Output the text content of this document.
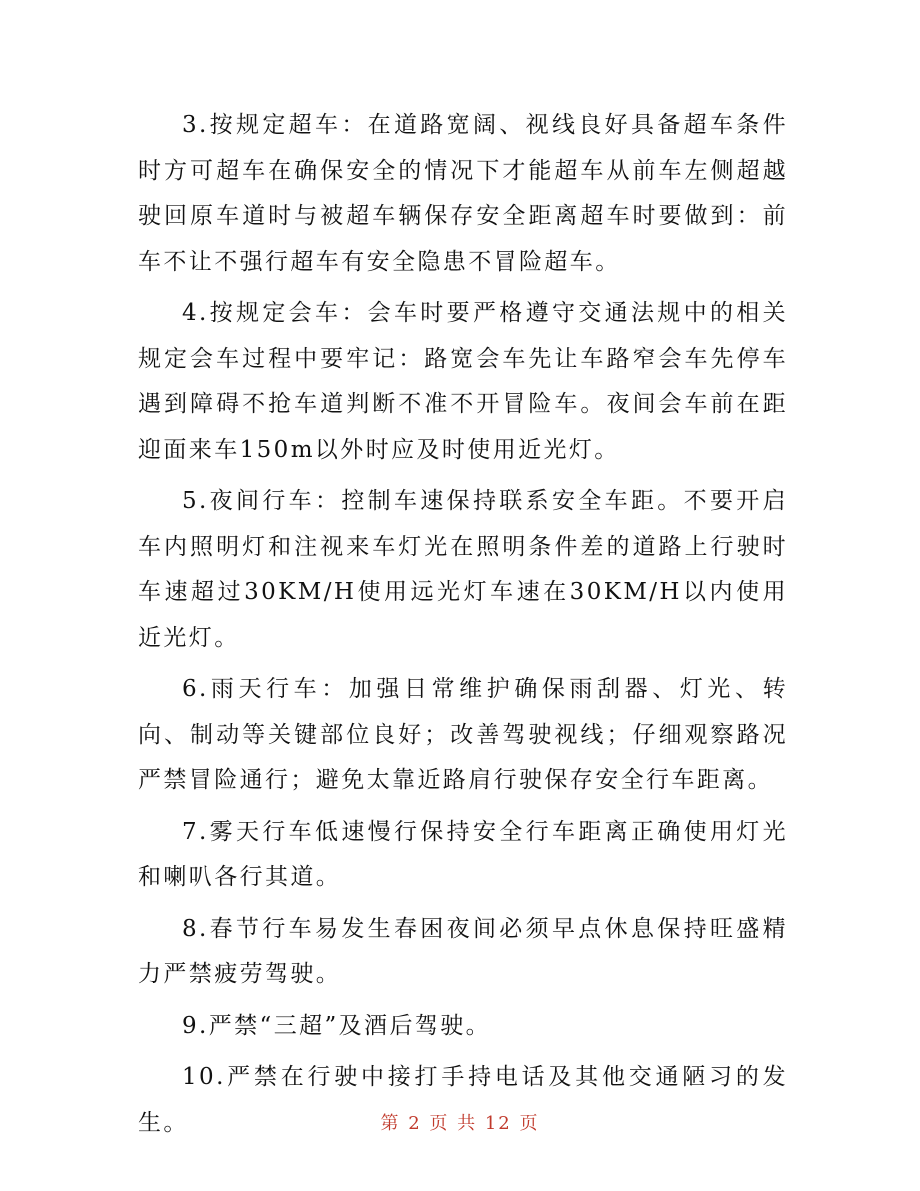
3.按规定超车：在道路宽阔、视线良好具备超车条件时方可超车在确保安全的情况下才能超车从前车左侧超越驶回原车道时与被超车辆保存安全距离超车时要做到：前车不让不强行超车有安全隐患不冒险超车。

4.按规定会车：会车时要严格遵守交通法规中的相关规定会车过程中要牢记：路宽会车先让车路窄会车先停车遇到障碍不抢车道判断不准不开冒险车。夜间会车前在距迎面来车150m以外时应及时使用近光灯。

5.夜间行车：控制车速保持联系安全车距。不要开启车内照明灯和注视来车灯光在照明条件差的道路上行驶时车速超过30KM/H使用远光灯车速在30KM/H以内使用近光灯。

6.雨天行车：加强日常维护确保雨刮器、灯光、转向、制动等关键部位良好；改善驾驶视线；仔细观察路况严禁冒险通行；避免太靠近路肩行驶保存安全行车距离。

7.雾天行车低速慢行保持安全行车距离正确使用灯光和喇叭各行其道。

8.春节行车易发生春困夜间必须早点休息保持旺盛精力严禁疲劳驾驶。

9.严禁“三超”及酒后驾驶。

10.严禁在行驶中接打手持电话及其他交通陋习的发生。	第 2 页 共 12 页
